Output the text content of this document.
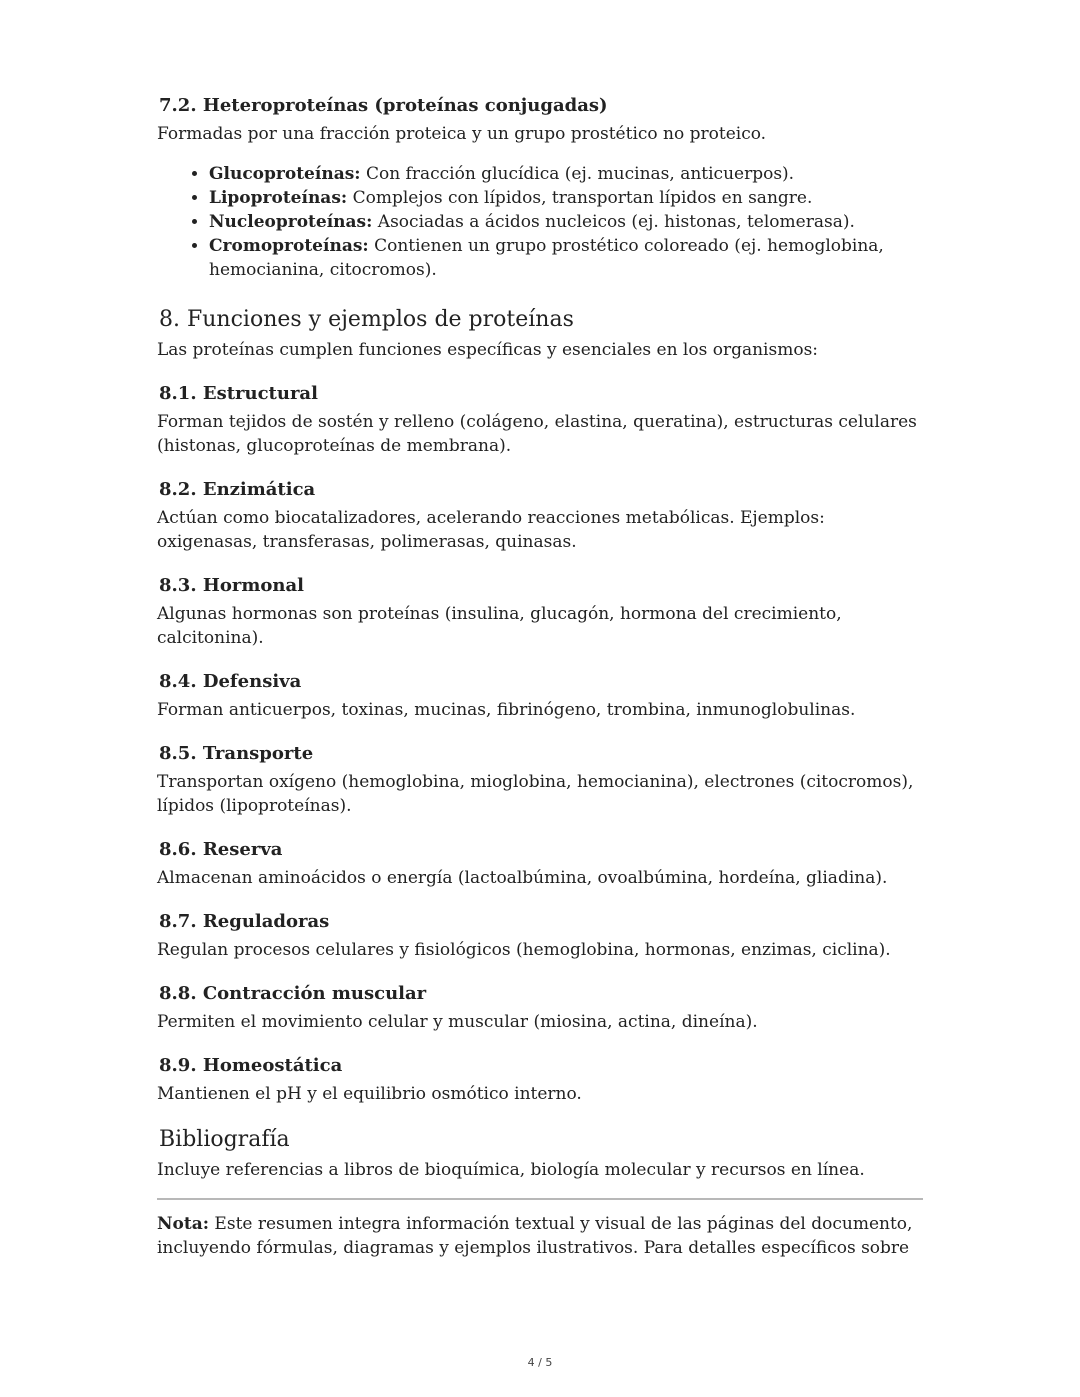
7.2. Heteroproteínas (proteínas conjugadas)

Formadas por una fracción proteica y un grupo prostético no proteico.

• Glucoproteínas: Con fracción glucídica (ej. mucinas, anticuerpos).
• Lipoproteínas: Complejos con lípidos, transportan lípidos en sangre.
• Nucleoproteínas: Asociadas a ácidos nucleicos (ej. histonas, telomerasa).
• Cromoproteínas: Contienen un grupo prostético coloreado (ej. hemoglobina, hemocianina, citocromos).
8. Funciones y ejemplos de proteínas

Las proteínas cumplen funciones específicas y esenciales en los organismos:

8.1. Estructural

Forman tejidos de sostén y relleno (colágeno, elastina, queratina), estructuras celulares (histonas, glucoproteínas de membrana).

8.2. Enzimática

Actúan como biocatalizadores, acelerando reacciones metabólicas. Ejemplos: oxigenasas, transferasas, polimerasas, quinasas.

8.3. Hormonal

Algunas hormonas son proteínas (insulina, glucagón, hormona del crecimiento, calcitonina).

8.4. Defensiva

Forman anticuerpos, toxinas, mucinas, fibrinógeno, trombina, inmunoglobulinas.

8.5. Transporte

Transportan oxígeno (hemoglobina, mioglobina, hemocianina), electrones (citocromos), lípidos (lipoproteínas).

8.6. Reserva

Almacenan aminoácidos o energía (lactoalbúmina, ovoalbúmina, hordeína, gliadina).

8.7. Reguladoras

Regulan procesos celulares y fisiológicos (hemoglobina, hormonas, enzimas, ciclina).

8.8. Contracción muscular

Permiten el movimiento celular y muscular (miosina, actina, dineína).

8.9. Homeostática

Mantienen el pH y el equilibrio osmótico interno.

Bibliografía

Incluye referencias a libros de bioquímica, biología molecular y recursos en línea.

Nota: Este resumen integra información textual y visual de las páginas del documento, incluyendo fórmulas, diagramas y ejemplos ilustrativos. Para detalles específicos sobre

4 / 5
